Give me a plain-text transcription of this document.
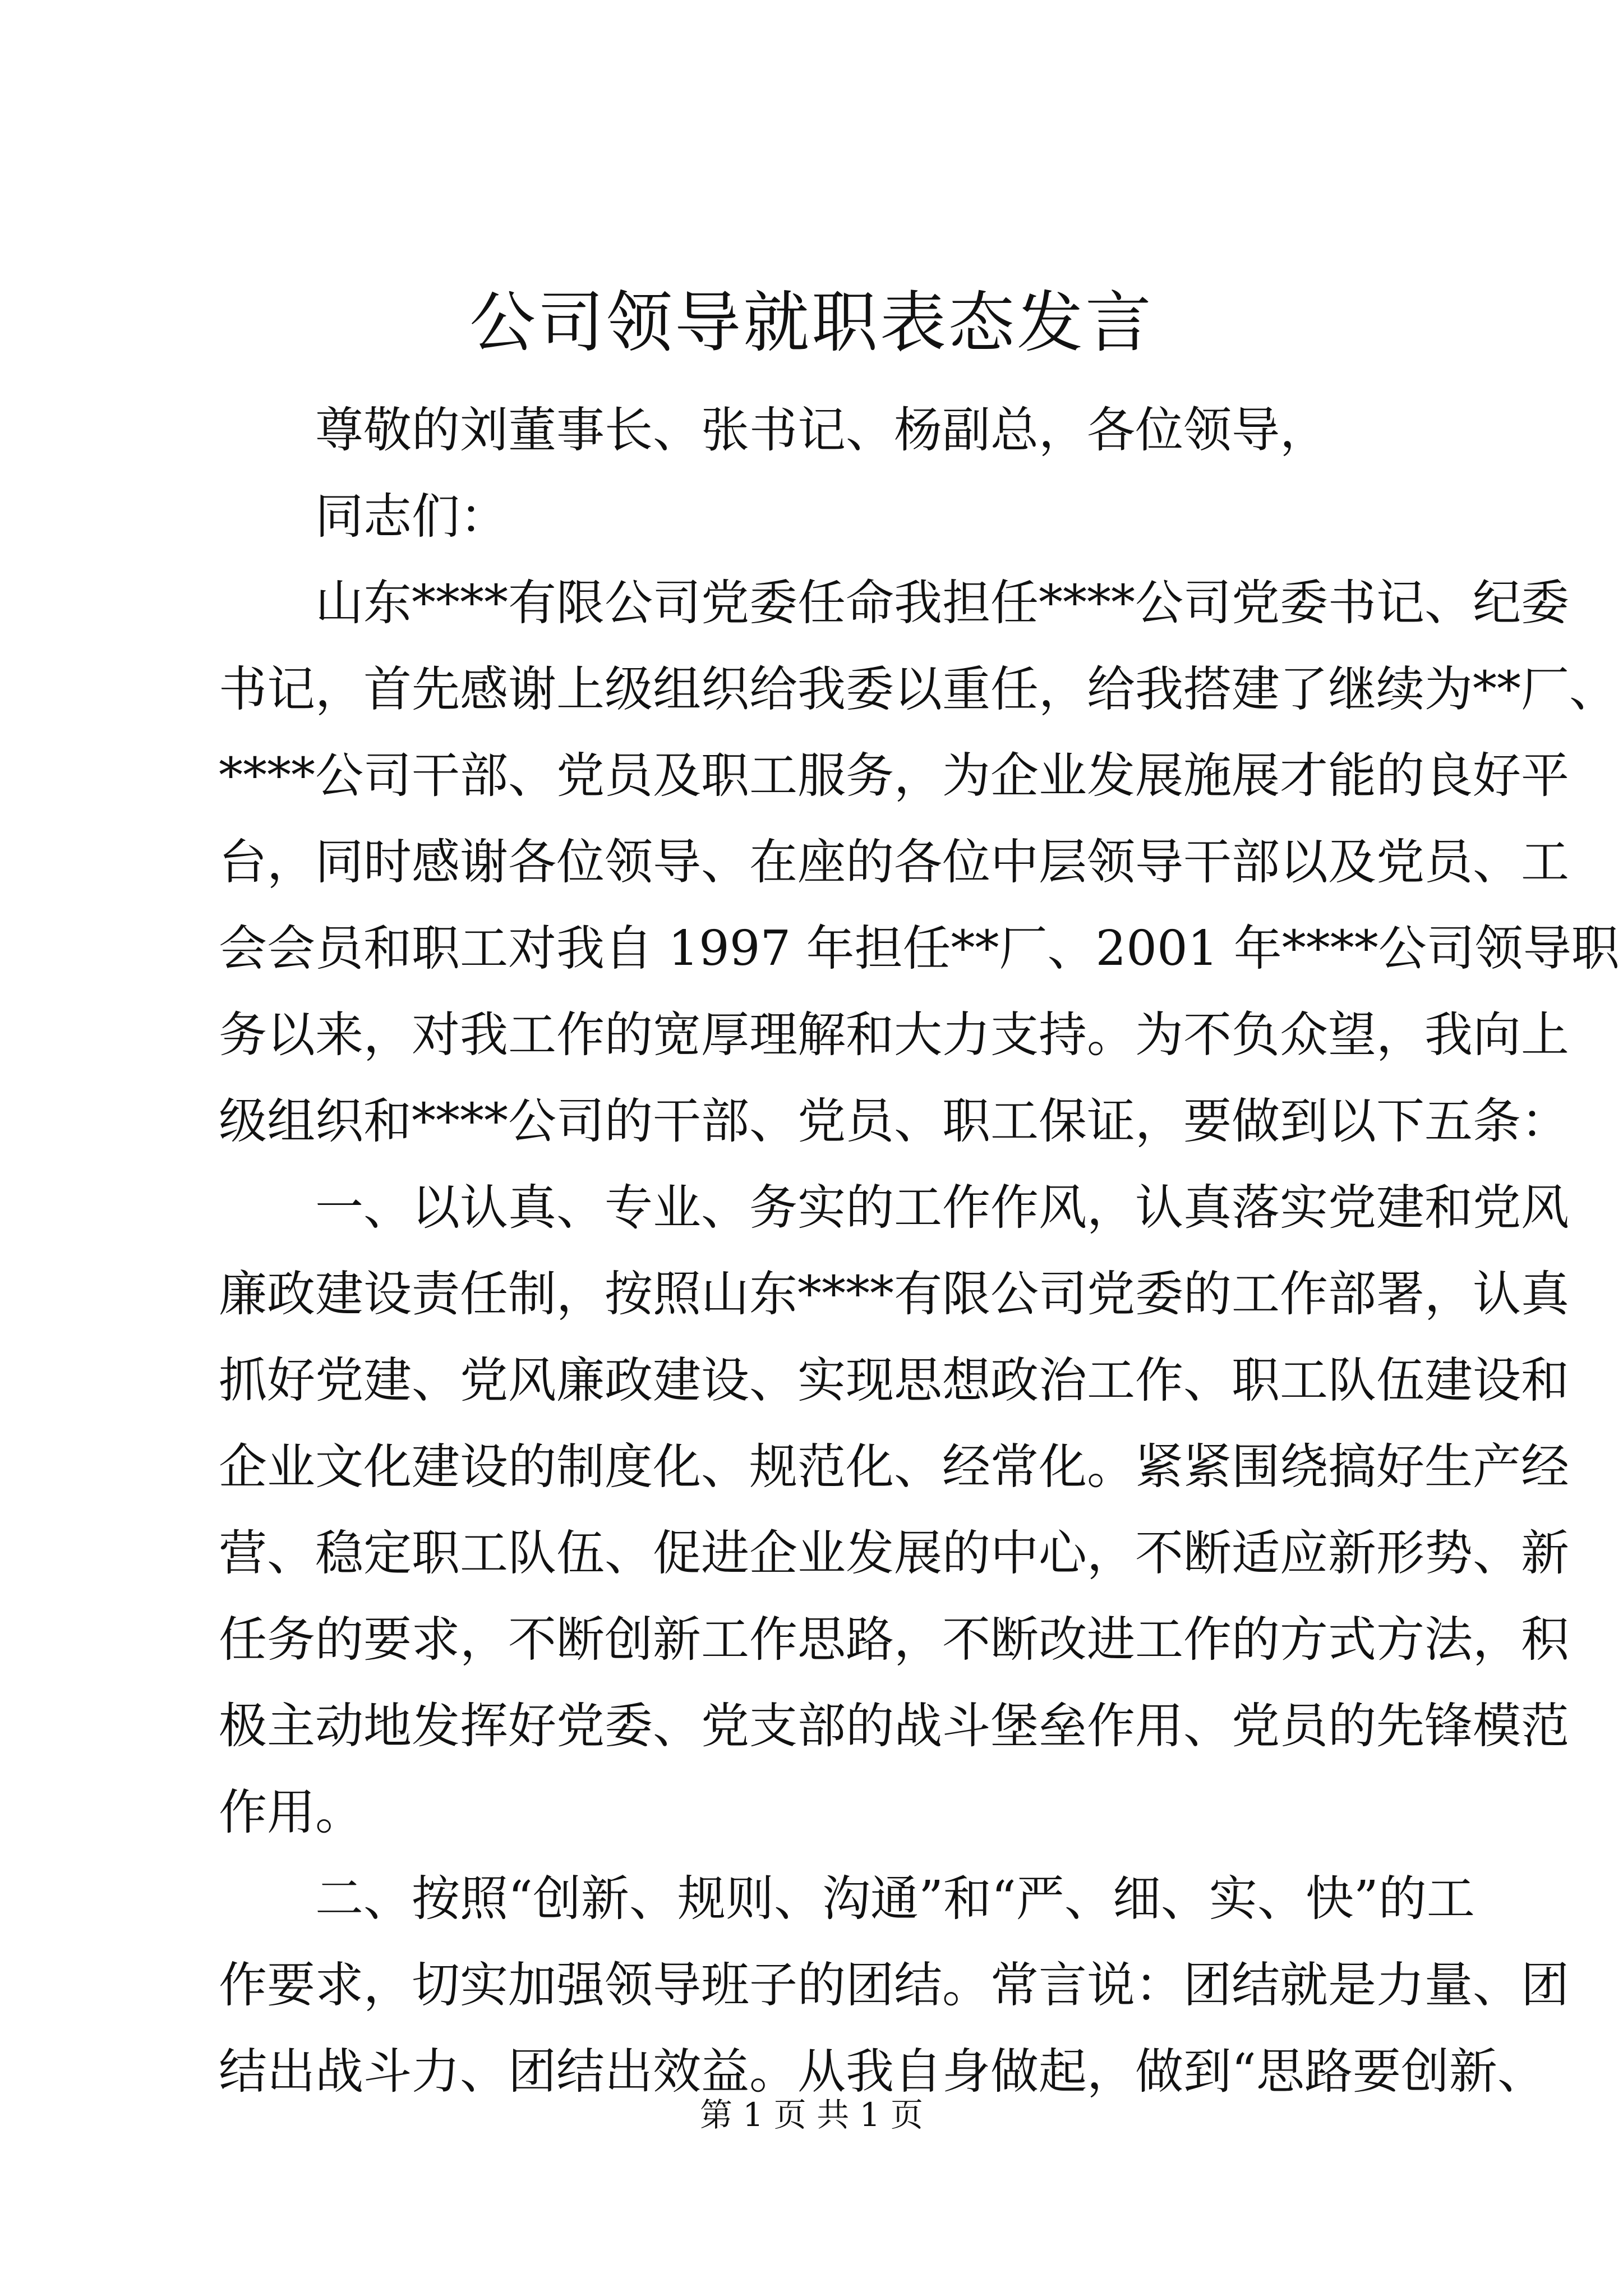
公司领导就职表态发言
尊敬的刘董事长、张书记、杨副总，各位领导，
同志们：
山东****有限公司党委任命我担任****公司党委书记、纪委
书记，首先感谢上级组织给我委以重任，给我搭建了继续为**厂、
****公司干部、党员及职工服务，为企业发展施展才能的良好平
台，同时感谢各位领导、在座的各位中层领导干部以及党员、工
会会员和职工对我自 1997 年担任**厂、2001 年****公司领导职
务以来，对我工作的宽厚理解和大力支持。为不负众望，我向上
级组织和****公司的干部、党员、职工保证，要做到以下五条：
一、以认真、专业、务实的工作作风，认真落实党建和党风
廉政建设责任制，按照山东****有限公司党委的工作部署，认真
抓好党建、党风廉政建设、实现思想政治工作、职工队伍建设和
企业文化建设的制度化、规范化、经常化。紧紧围绕搞好生产经
营、稳定职工队伍、促进企业发展的中心，不断适应新形势、新
任务的要求，不断创新工作思路，不断改进工作的方式方法，积
极主动地发挥好党委、党支部的战斗堡垒作用、党员的先锋模范
作用。
二、按照“创新、规则、沟通”和“严、细、实、快”的工
作要求，切实加强领导班子的团结。常言说：团结就是力量、团
结出战斗力、团结出效益。从我自身做起，做到“思路要创新、
第 1 页 共 1 页
